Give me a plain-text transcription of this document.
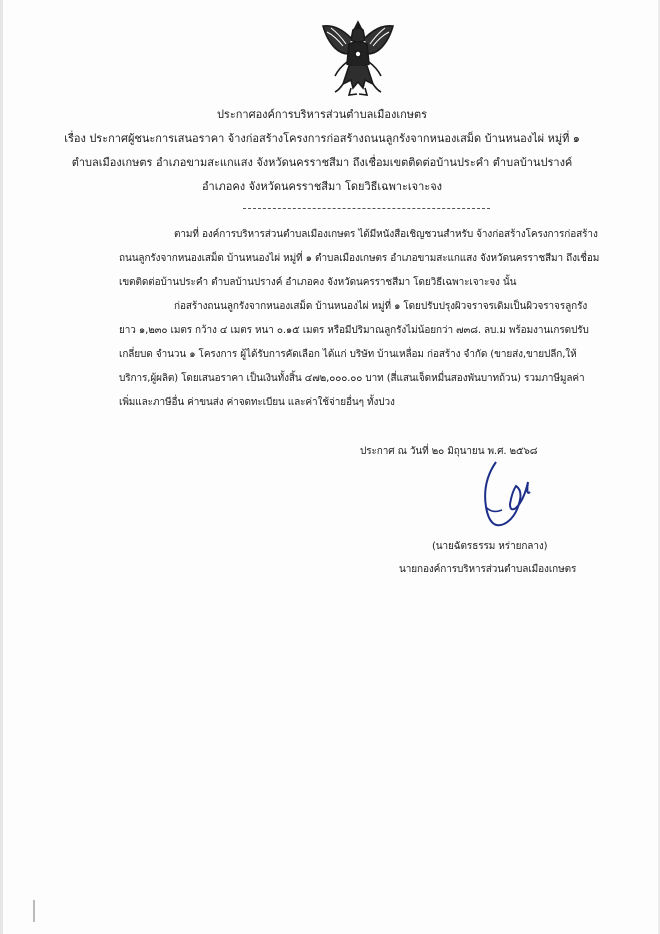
ประกาศองค์การบริหารส่วนตำบลเมืองเกษตร
เรื่อง ประกาศผู้ชนะการเสนอราคา จ้างก่อสร้างโครงการก่อสร้างถนนลูกรังจากหนองเสม็ด บ้านหนองไผ่ หมู่ที่ ๑
ตำบลเมืองเกษตร อำเภอขามสะแกแสง จังหวัดนครราชสีมา ถึงเชื่อมเขตติดต่อบ้านประคำ ตำบลบ้านปรางค์
อำเภอคง จังหวัดนครราชสีมา โดยวิธีเฉพาะเจาะจง
ตามที่ องค์การบริหารส่วนตำบลเมืองเกษตร ได้มีหนังสือเชิญชวนสำหรับ จ้างก่อสร้างโครงการก่อสร้าง
ถนนลูกรังจากหนองเสม็ด บ้านหนองไผ่ หมู่ที่ ๑ ตำบลเมืองเกษตร อำเภอขามสะแกแสง จังหวัดนครราชสีมา ถึงเชื่อม
เขตติดต่อบ้านประคำ ตำบลบ้านปรางค์ อำเภอคง จังหวัดนครราชสีมา โดยวิธีเฉพาะเจาะจง นั้น
ก่อสร้างถนนลูกรังจากหนองเสม็ด บ้านหนองไผ่ หมู่ที่ ๑ โดยปรับปรุงผิวจราจรเดิมเป็นผิวจราจรลูกรัง
ยาว ๑,๒๓๐ เมตร กว้าง ๔ เมตร หนา ๐.๑๕ เมตร หรือมีปริมาณลูกรังไม่น้อยกว่า ๗๓๘. ลบ.ม พร้อมงานเกรดปรับ
เกลี่ยบด จำนวน ๑ โครงการ ผู้ได้รับการคัดเลือก ได้แก่ บริษัท บ้านเหลื่อม ก่อสร้าง จำกัด (ขายส่ง,ขายปลีก,ให้
บริการ,ผู้ผลิต) โดยเสนอราคา เป็นเงินทั้งสิ้น ๔๗๒,๐๐๐.๐๐ บาท (สี่แสนเจ็ดหมื่นสองพันบาทถ้วน) รวมภาษีมูลค่า
เพิ่มและภาษีอื่น ค่าขนส่ง ค่าจดทะเบียน และค่าใช้จ่ายอื่นๆ ทั้งปวง
ประกาศ ณ วันที่ ๒๐ มิถุนายน พ.ศ. ๒๕๖๘
(นายฉัตรธรรม หร่ายกลาง)
นายกองค์การบริหารส่วนตำบลเมืองเกษตร
